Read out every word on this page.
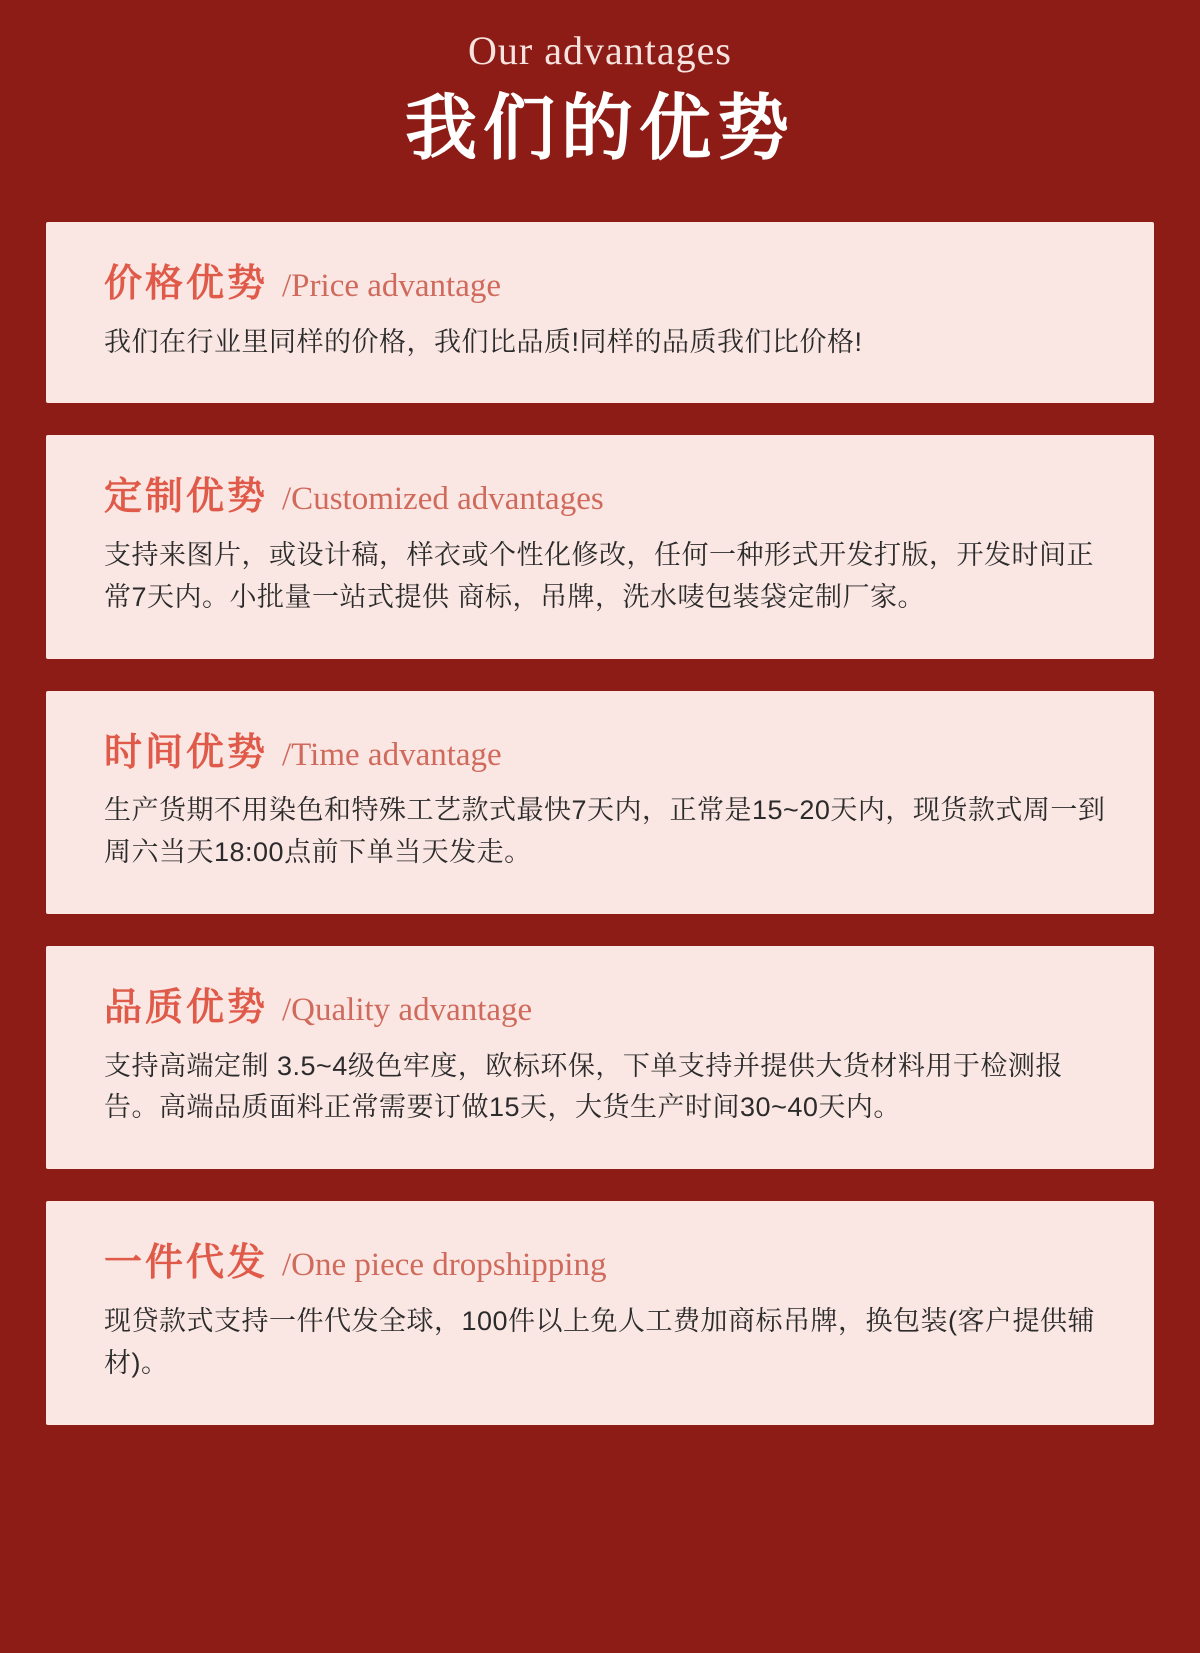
Our advantages

我们的优势
价格优势 /Price advantage

我们在行业里同样的价格，我们比品质!同样的品质我们比价格!

定制优势 /Customized advantages

支持来图片，或设计稿，样衣或个性化修改，任何一种形式开发打版，开发时间正常7天内。小批量一站式提供 商标，吊牌，洗水唛包装袋定制厂家。

时间优势 /Time advantage

生产货期不用染色和特殊工艺款式最快7天内，正常是15~20天内，现货款式周一到周六当天18:00点前下单当天发走。

品质优势 /Quality advantage

支持高端定制 3.5~4级色牢度，欧标环保，下单支持并提供大货材料用于检测报告。高端品质面料正常需要订做15天，大货生产时间30~40天内。

一件代发 /One piece dropshipping

现贷款式支持一件代发全球，100件以上免人工费加商标吊牌，换包装(客户提供辅材)。
